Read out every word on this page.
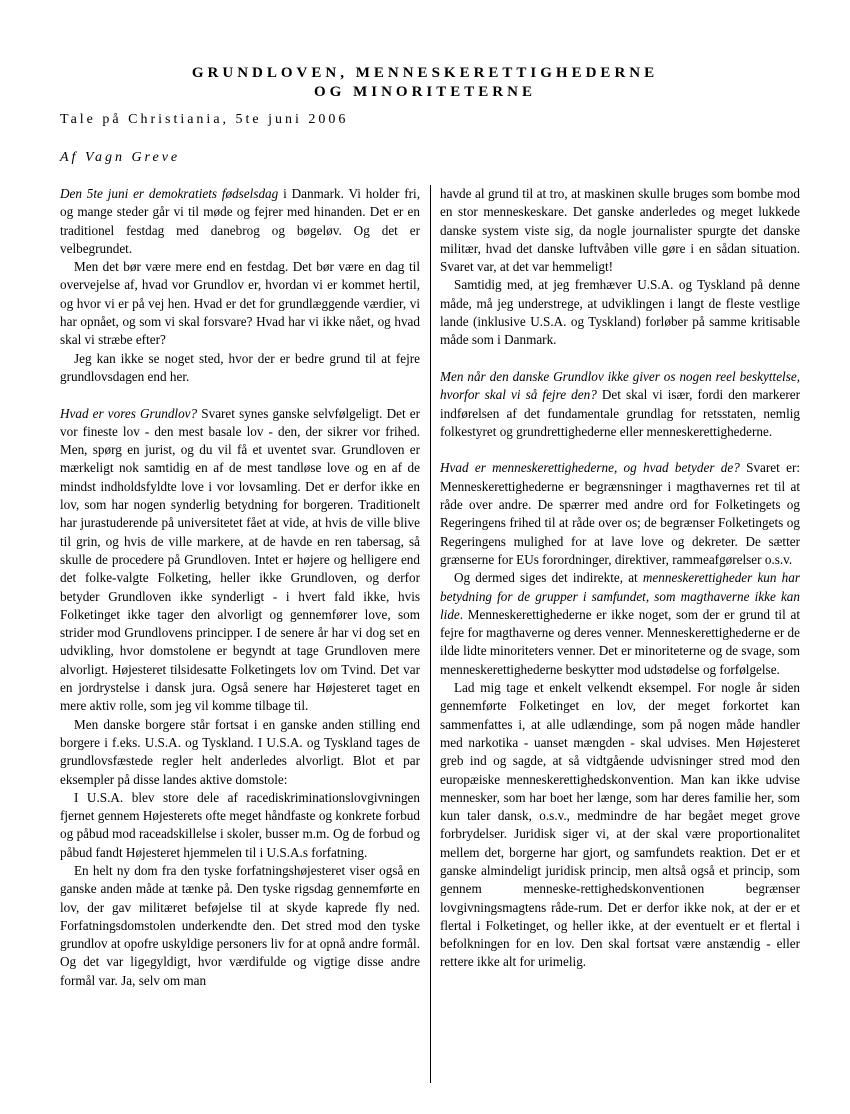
GRUNDLOVEN, MENNESKERETTIGHEDERNE
OG MINORITETERNE
Tale på Christiania, 5te juni 2006
Af Vagn Greve

Den 5te juni er demokratiets fødselsdag i Danmark. Vi holder fri, og mange steder går vi til møde og fejrer med hinanden. Det er en traditionel festdag med danebrog og bøgeløv. Og det er velbegrundet.

Men det bør være mere end en festdag. Det bør være en dag til overvejelse af, hvad vor Grundlov er, hvordan vi er kommet hertil, og hvor vi er på vej hen. Hvad er det for grundlæggende værdier, vi har opnået, og som vi skal forsvare? Hvad har vi ikke nået, og hvad skal vi stræbe efter?

Jeg kan ikke se noget sted, hvor der er bedre grund til at fejre grundlovsdagen end her.

Hvad er vores Grundlov? Svaret synes ganske selvfølgeligt. Det er vor fineste lov - den mest basale lov - den, der sikrer vor frihed. Men, spørg en jurist, og du vil få et uventet svar. Grundloven er mærkeligt nok samtidig en af de mest tandløse love og en af de mindst indholdsfyldte love i vor lovsamling. Det er derfor ikke en lov, som har nogen synderlig betydning for borgeren. Traditionelt har jurastuderende på universitetet fået at vide, at hvis de ville blive til grin, og hvis de ville markere, at de havde en ren tabersag, så skulle de procedere på Grundloven. Intet er højere og helligere end det folke-valgte Folketing, heller ikke Grundloven, og derfor betyder Grundloven ikke synderligt - i hvert fald ikke, hvis Folketinget ikke tager den alvorligt og gennemfører love, som strider mod Grundlovens principper. I de senere år har vi dog set en udvikling, hvor domstolene er begyndt at tage Grundloven mere alvorligt. Højesteret tilsidesatte Folketingets lov om Tvind. Det var en jordrystelse i dansk jura. Også senere har Højesteret taget en mere aktiv rolle, som jeg vil komme tilbage til.

Men danske borgere står fortsat i en ganske anden stilling end borgere i f.eks. U.S.A. og Tyskland. I U.S.A. og Tyskland tages de grundlovsfæstede regler helt anderledes alvorligt. Blot et par eksempler på disse landes aktive domstole:

I U.S.A. blev store dele af racediskriminationslovgivningen fjernet gennem Højesterets ofte meget håndfaste og konkrete forbud og påbud mod raceadskillelse i skoler, busser m.m. Og de forbud og påbud fandt Højesteret hjemmelen til i U.S.A.s forfatning.

En helt ny dom fra den tyske forfatningshøjesteret viser også en ganske anden måde at tænke på. Den tyske rigsdag gennemførte en lov, der gav militæret beføjelse til at skyde kaprede fly ned. Forfatningsdomstolen underkendte den. Det stred mod den tyske grundlov at opofre uskyldige personers liv for at opnå andre formål. Og det var ligegyldigt, hvor værdifulde og vigtige disse andre formål var. Ja, selv om man

havde al grund til at tro, at maskinen skulle bruges som bombe mod en stor menneskeskare. Det ganske anderledes og meget lukkede danske system viste sig, da nogle journalister spurgte det danske militær, hvad det danske luftvåben ville gøre i en sådan situation. Svaret var, at det var hemmeligt!

Samtidig med, at jeg fremhæver U.S.A. og Tyskland på denne måde, må jeg understrege, at udviklingen i langt de fleste vestlige lande (inklusive U.S.A. og Tyskland) forløber på samme kritisable måde som i Danmark.

Men når den danske Grundlov ikke giver os nogen reel beskyttelse, hvorfor skal vi så fejre den? Det skal vi især, fordi den markerer indførelsen af det fundamentale grundlag for retsstaten, nemlig folkestyret og grundrettighederne eller menneskerettighederne.

Hvad er menneskerettighederne, og hvad betyder de? Svaret er: Menneskerettighederne er begrænsninger i magthavernes ret til at råde over andre. De spærrer med andre ord for Folketingets og Regeringens frihed til at råde over os; de begrænser Folketingets og Regeringens mulighed for at lave love og dekreter. De sætter grænserne for EUs forordninger, direktiver, rammeafgørelser o.s.v.

Og dermed siges det indirekte, at menneskerettigheder kun har betydning for de grupper i samfundet, som magthaverne ikke kan lide. Menneskerettighederne er ikke noget, som der er grund til at fejre for magthaverne og deres venner. Menneskerettighederne er de ilde lidte minoriteters venner. Det er minoriteterne og de svage, som menneskerettighederne beskytter mod udstødelse og forfølgelse.

Lad mig tage et enkelt velkendt eksempel. For nogle år siden gennemførte Folketinget en lov, der meget forkortet kan sammenfattes i, at alle udlændinge, som på nogen måde handler med narkotika - uanset mængden - skal udvises. Men Højesteret greb ind og sagde, at så vidtgående udvisninger stred mod den europæiske menneskerettighedskonvention. Man kan ikke udvise mennesker, som har boet her længe, som har deres familie her, som kun taler dansk, o.s.v., medmindre de har begået meget grove forbrydelser. Juridisk siger vi, at der skal være proportionalitet mellem det, borgerne har gjort, og samfundets reaktion. Det er et ganske almindeligt juridisk princip, men altså også et princip, som gennem menneske-rettighedskonventionen begrænser lovgivningsmagtens råde-rum. Det er derfor ikke nok, at der er et flertal i Folketinget, og heller ikke, at der eventuelt er et flertal i befolkningen for en lov. Den skal fortsat være anstændig - eller rettere ikke alt for urimelig.
